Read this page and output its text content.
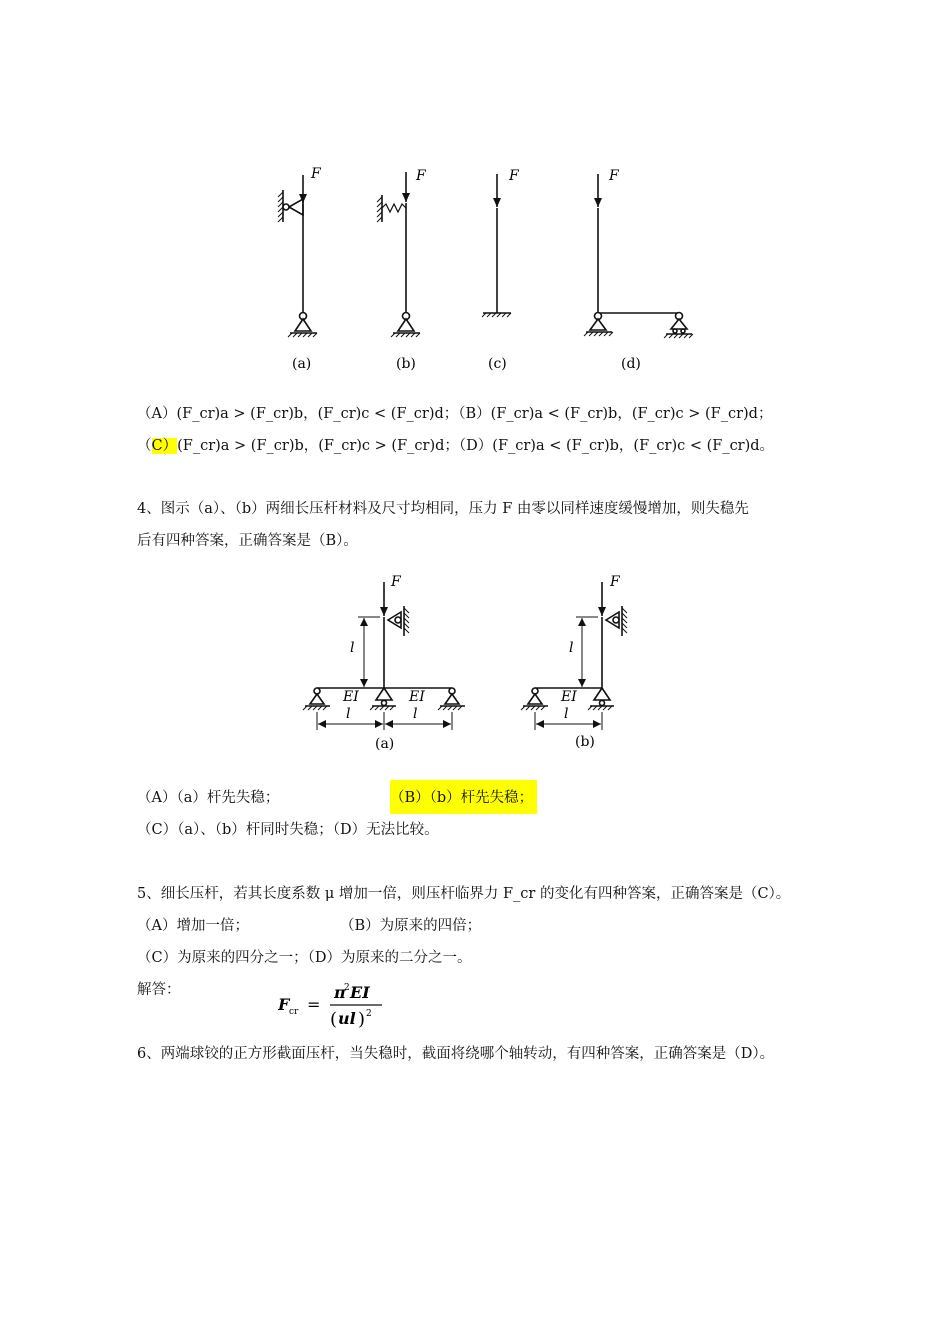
F	F	F	F
(a)	(b)	(c)	(d)
（A）(F_cr)a > (F_cr)b，(F_cr)c < (F_cr)d；（B）(F_cr)a < (F_cr)b，(F_cr)c > (F_cr)d；
（C）(F_cr)a > (F_cr)b，(F_cr)c > (F_cr)d；（D）(F_cr)a < (F_cr)b，(F_cr)c < (F_cr)d。
4、图示（a）、（b）两细长压杆材料及尺寸均相同，压力 F 由零以同样速度缓慢增加，则失稳先
后有四种答案，正确答案是（B）。
F
l
EI	EI
l	l
(a)
F
l
EI
l
(b)
（A）（a）杆先失稳；	（B）（b）杆先失稳；
（C）（a）、（b）杆同时失稳；（D）无法比较。
5、细长压杆，若其长度系数 μ 增加一倍，则压杆临界力 F_cr 的变化有四种答案，正确答案是（C）。
（A）增加一倍；	（B）为原来的四倍；
（C）为原来的四分之一；（D）为原来的二分之一。
解答：
F cr =
π
2 EI
( ul ) 2
6、两端球铰的正方形截面压杆，当失稳时，截面将绕哪个轴转动，有四种答案，正确答案是（D）。
